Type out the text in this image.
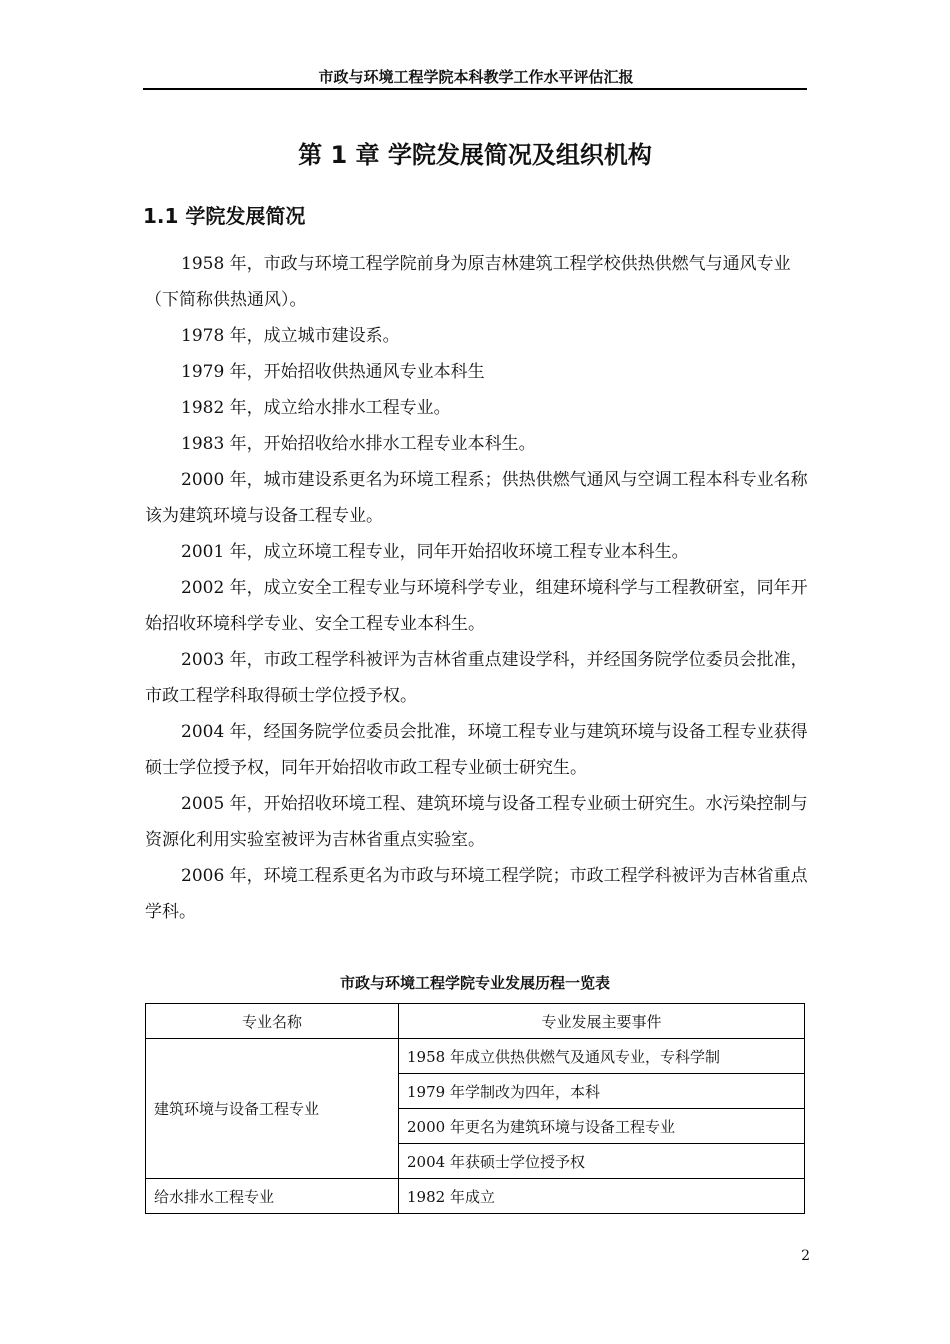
市政与环境工程学院本科教学工作水平评估汇报
第 1 章 学院发展简况及组织机构
1.1 学院发展简况

1958 年，市政与环境工程学院前身为原吉林建筑工程学校供热供燃气与通风专业（下简称供热通风）。

1978 年，成立城市建设系。

1979 年，开始招收供热通风专业本科生

1982 年，成立给水排水工程专业。

1983 年，开始招收给水排水工程专业本科生。

2000 年，城市建设系更名为环境工程系；供热供燃气通风与空调工程本科专业名称该为建筑环境与设备工程专业。

2001 年，成立环境工程专业，同年开始招收环境工程专业本科生。

2002 年，成立安全工程专业与环境科学专业，组建环境科学与工程教研室，同年开始招收环境科学专业、安全工程专业本科生。

2003 年，市政工程学科被评为吉林省重点建设学科，并经国务院学位委员会批准，市政工程学科取得硕士学位授予权。

2004 年，经国务院学位委员会批准，环境工程专业与建筑环境与设备工程专业获得硕士学位授予权，同年开始招收市政工程专业硕士研究生。

2005 年，开始招收环境工程、建筑环境与设备工程专业硕士研究生。水污染控制与资源化利用实验室被评为吉林省重点实验室。

2006 年，环境工程系更名为市政与环境工程学院；市政工程学科被评为吉林省重点学科。

市政与环境工程学院专业发展历程一览表
专业名称	专业发展主要事件
建筑环境与设备工程专业	1958 年成立供热供燃气及通风专业，专科学制
	1979 年学制改为四年，本科
	2000 年更名为建筑环境与设备工程专业
	2004 年获硕士学位授予权
给水排水工程专业	1982 年成立
2
